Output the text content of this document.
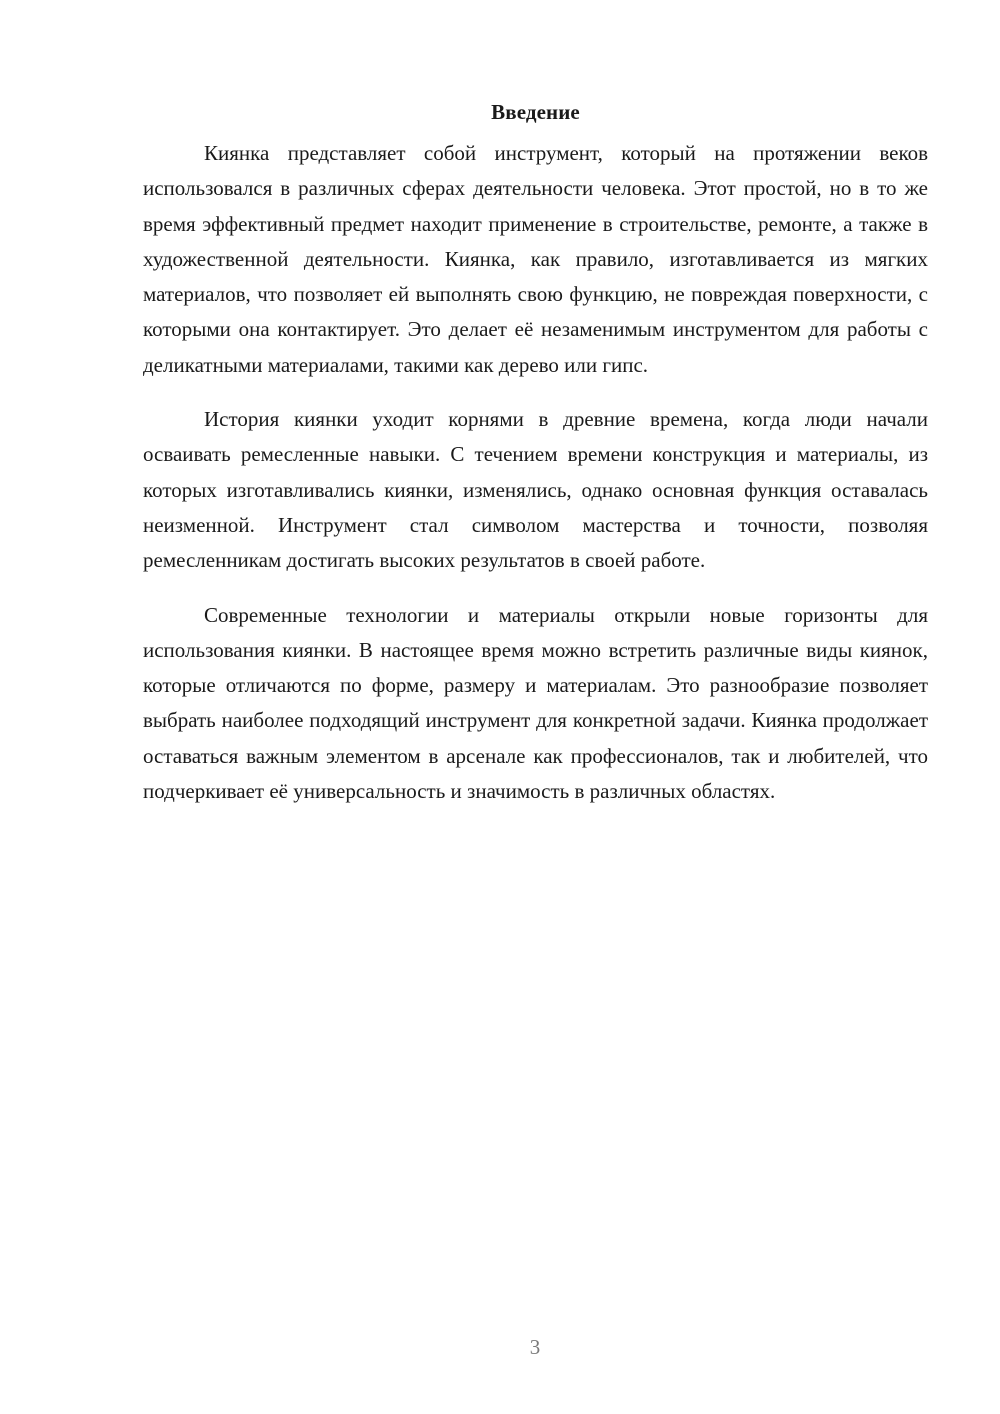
Введение

Киянка представляет собой инструмент, который на протяжении веков использовался в различных сферах деятельности человека. Этот простой, но в то же время эффективный предмет находит применение в строительстве, ремонте, а также в художественной деятельности. Киянка, как правило, изготавливается из мягких материалов, что позволяет ей выполнять свою функцию, не повреждая поверхности, с которыми она контактирует. Это делает её незаменимым инструментом для работы с деликатными материалами, такими как дерево или гипс.

История киянки уходит корнями в древние времена, когда люди начали осваивать ремесленные навыки. С течением времени конструкция и материалы, из которых изготавливались киянки, изменялись, однако основная функция оставалась неизменной. Инструмент стал символом мастерства и точности, позволяя ремесленникам достигать высоких результатов в своей работе.

Современные технологии и материалы открыли новые горизонты для использования киянки. В настоящее время можно встретить различные виды киянок, которые отличаются по форме, размеру и материалам. Это разнообразие позволяет выбрать наиболее подходящий инструмент для конкретной задачи. Киянка продолжает оставаться важным элементом в арсенале как профессионалов, так и любителей, что подчеркивает её универсальность и значимость в различных областях.

3
